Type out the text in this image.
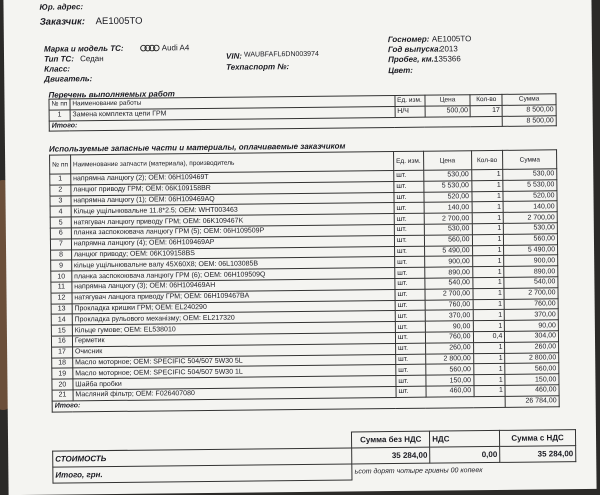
Юр. адрес:
Заказчик: AE1005TO
Марка и модель ТС:	Audi A4
Тип ТС: Седан
Класс:
Двигатель:
VIN: WAUBFAFL6DN003974
Техпаспорт №:
Госномер: AE1005TO
Год выпуска:
2013
Пробег, км.:
135366
Цвет:
Перечень выполняемых работ
№ пп	Наименование работы	Ед. изм.	Цена	Кол-во	Сумма
1	Замена комплекта цепи ГРМ	Н/Ч	500,00	17	8 500,00
Итого:					8 500,00
Используемые запасные части и материалы, оплачиваемые заказчиком
№ пп	Наименование запчасти (материала), производитель	Ед. изм.	Цена	Кол-во	Сумма
1	напрямна ланцюгу (2); OEM: 06H109469T	шт.	530,00	1	530,00
2	ланцюг приводу ГРМ; OEM: 06K109158BR	шт.	5 530,00	1	5 530,00
3	напрямна ланцюгу (1); OEM: 06H109469AQ	шт.	520,00	1	520,00
4	Кільце ущільнювальне 11.8*2.5; OEM: WHT003463	шт.	140,00	1	140,00
5	натягувач ланцюгу приводу ГРМ; OEM: 06K109467K	шт.	2 700,00	1	2 700,00
6	планка заспокоювача ланцюгу ГРМ (5); OEM: 06H109509P	шт.	530,00	1	530,00
7	напрямна ланцюгу (4); OEM: 06H109469AP	шт.	560,00	1	560,00
8	ланцюг приводу; OEM: 06K109158BS	шт.	5 490,00	1	5 490,00
9	кільце ущільнювальне валу 45X60X8; OEM: 06L103085B	шт.	900,00	1	900,00
10	планка заспокоювача ланцюгу ГРМ (6); OEM: 06H109509Q	шт.	890,00	1	890,00
11	напрямна ланцюгу (3); OEM: 06H109469AH	шт.	540,00	1	540,00
12	натягувач ланцюга приводу ГРМ; OEM: 06H109467BA	шт.	2 700,00	1	2 700,00
13	Прокладка кришки ГРМ; OEM: EL240290	шт.	760,00	1	760,00
14	Прокладка рульового механізму; OEM: EL217320	шт.	370,00	1	370,00
15	Кільце гумове; OEM: EL538010	шт.	90,00	1	90,00
16	Герметик	шт.	760,00	0,4	304,00
17	Очисник	шт.	260,00	1	260,00
18	Масло моторное; OEM: SPECIFIC 504/507 5W30 5L	шт.	2 800,00	1	2 800,00
19	Масло моторное; OEM: SPECIFIC 504/507 5W30 1L	шт.	560,00	1	560,00
20	Шайба пробки	шт.	150,00	1	150,00
21	Масляний фільтр; OEM: F026407080	шт.	460,00	1	460,00
Итого:					26 784,00
	Сумма без НДС	НДС	Сумма с НДС
СТОИМОСТЬ	35 284,00	0,00	35 284,00
Итого, грн.	ьсот дорят чотыре гривны 00 копеек		
